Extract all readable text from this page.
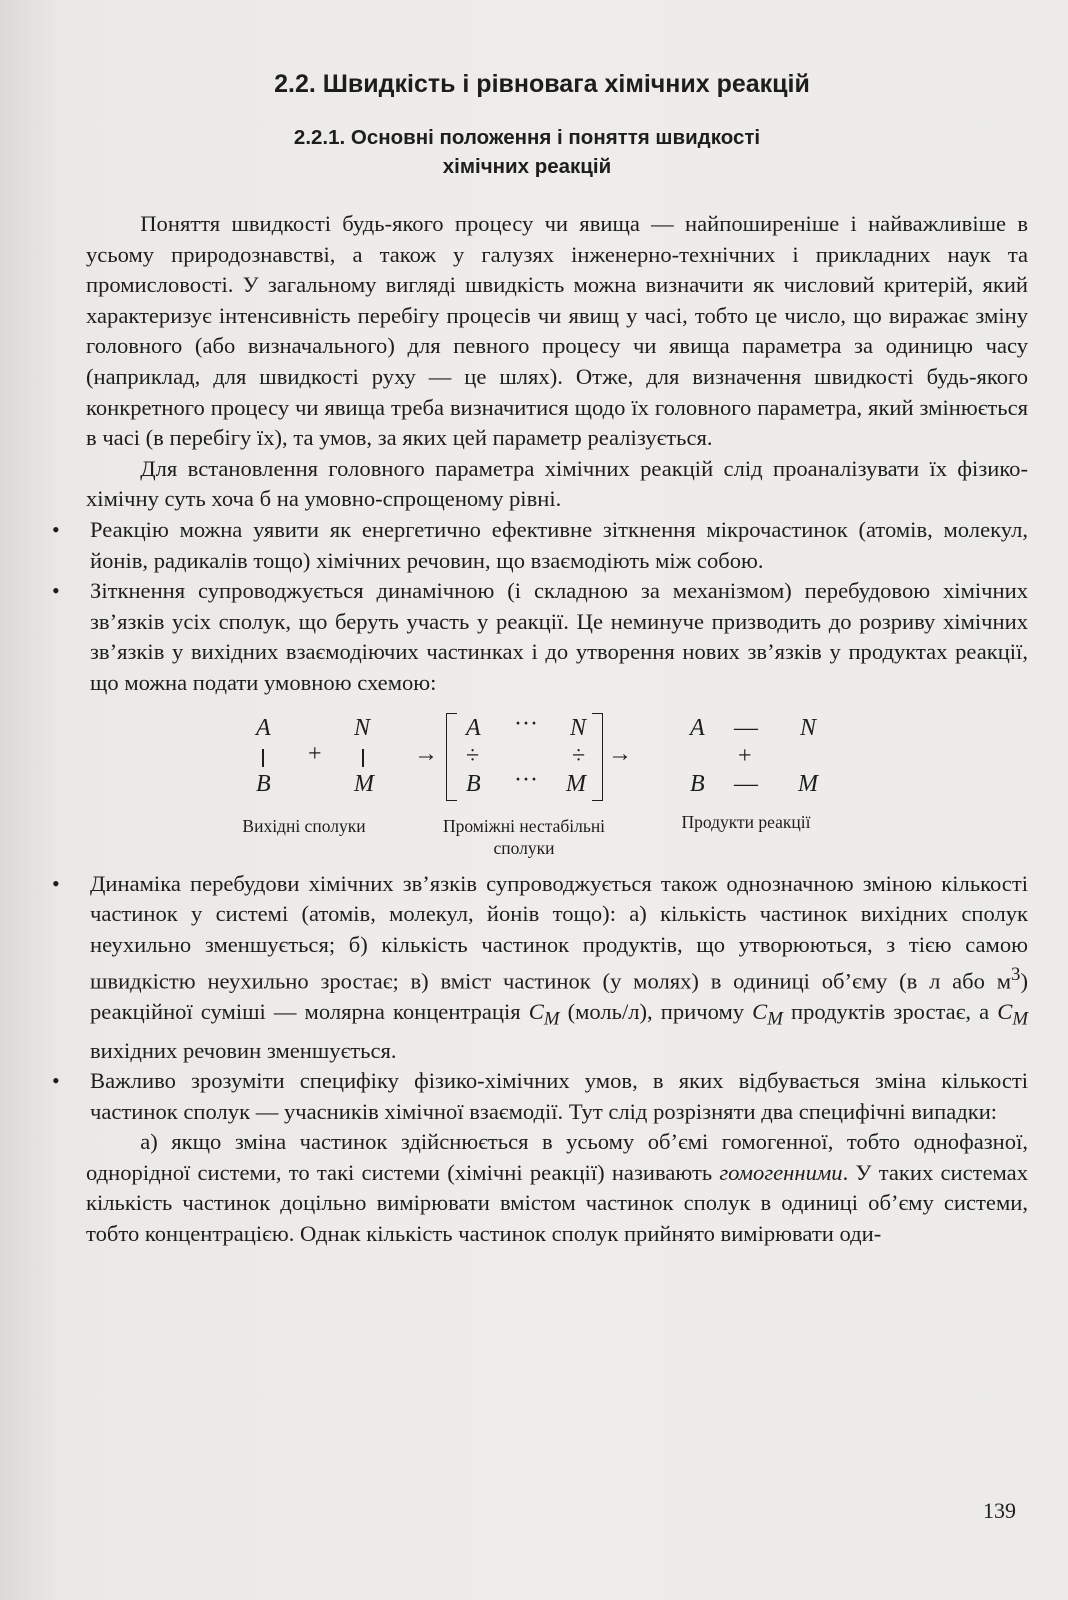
2.2. Швидкість і рівновага хімічних реакцій
2.2.1. Основні положення і поняття швидкості
хімічних реакцій

Поняття швидкості будь-якого процесу чи явища — найпоширеніше і найважливіше в усьому природознавстві, а також у галузях інженерно-технічних і прикладних наук та промисловості. У загальному вигляді швидкість можна визначити як числовий критерій, який характеризує інтенсивність перебігу процесів чи явищ у часі, тобто це число, що виражає зміну головного (або визначального) для певного процесу чи явища параметра за одиницю часу (наприклад, для швидкості руху — це шлях). Отже, для визначення швидкості будь-якого конкретного процесу чи явища треба визначитися щодо їх головного параметра, який змінюється в часі (в перебігу їх), та умов, за яких цей параметр реалізується.

Для встановлення головного параметра хімічних реакцій слід проаналізувати їх фізико-хімічну суть хоча б на умовно-спрощеному рівні.

• Реакцію можна уявити як енергетично ефективне зіткнення мікрочастинок (атомів, молекул, йонів, радикалів тощо) хімічних речовин, що взаємодіють між собою.

• Зіткнення супроводжується динамічною (і складною за механізмом) перебудовою хімічних зв’язків усіх сполук, що беруть участь у реакції. Це неминуче призводить до розриву хімічних зв’язків у вихідних взаємодіючих частинках і до утворення нових зв’язків у продуктах реакції, що можна подати умовною схемою:

A
B
+
N
M
→
A ··· N
÷	÷
B ··· M
→
A — N
+
B — M
Вихідні сполуки	Проміжні нестабільні
сполуки
Продукти реакції
• Динаміка перебудови хімічних зв’язків супроводжується також однозначною зміною кількості частинок у системі (атомів, молекул, йонів тощо): а) кількість частинок вихідних сполук неухильно зменшується; б) кількість частинок продуктів, що утворюються, з тією самою швидкістю неухильно зростає; в) вміст частинок (у молях) в одиниці об’єму (в л або $м^3$) реакційної суміші — молярна концентрація $C_M$ (моль/л), причому $C_M$ продуктів зростає, а $C_M$ вихідних речовин зменшується.

• Важливо зрозуміти специфіку фізико-хімічних умов, в яких відбувається зміна кількості частинок сполук — учасників хімічної взаємодії. Тут слід розрізняти два специфічні випадки:

а) якщо зміна частинок здійснюється в усьому об’ємі гомогенної, тобто однофазної, однорідної системи, то такі системи (хімічні реакції) називають гомогенними. У таких системах кількість частинок доцільно вимірювати вмістом частинок сполук в одиниці об’єму системи, тобто концентрацією. Однак кількість частинок сполук прийнято вимірювати оди-

139
